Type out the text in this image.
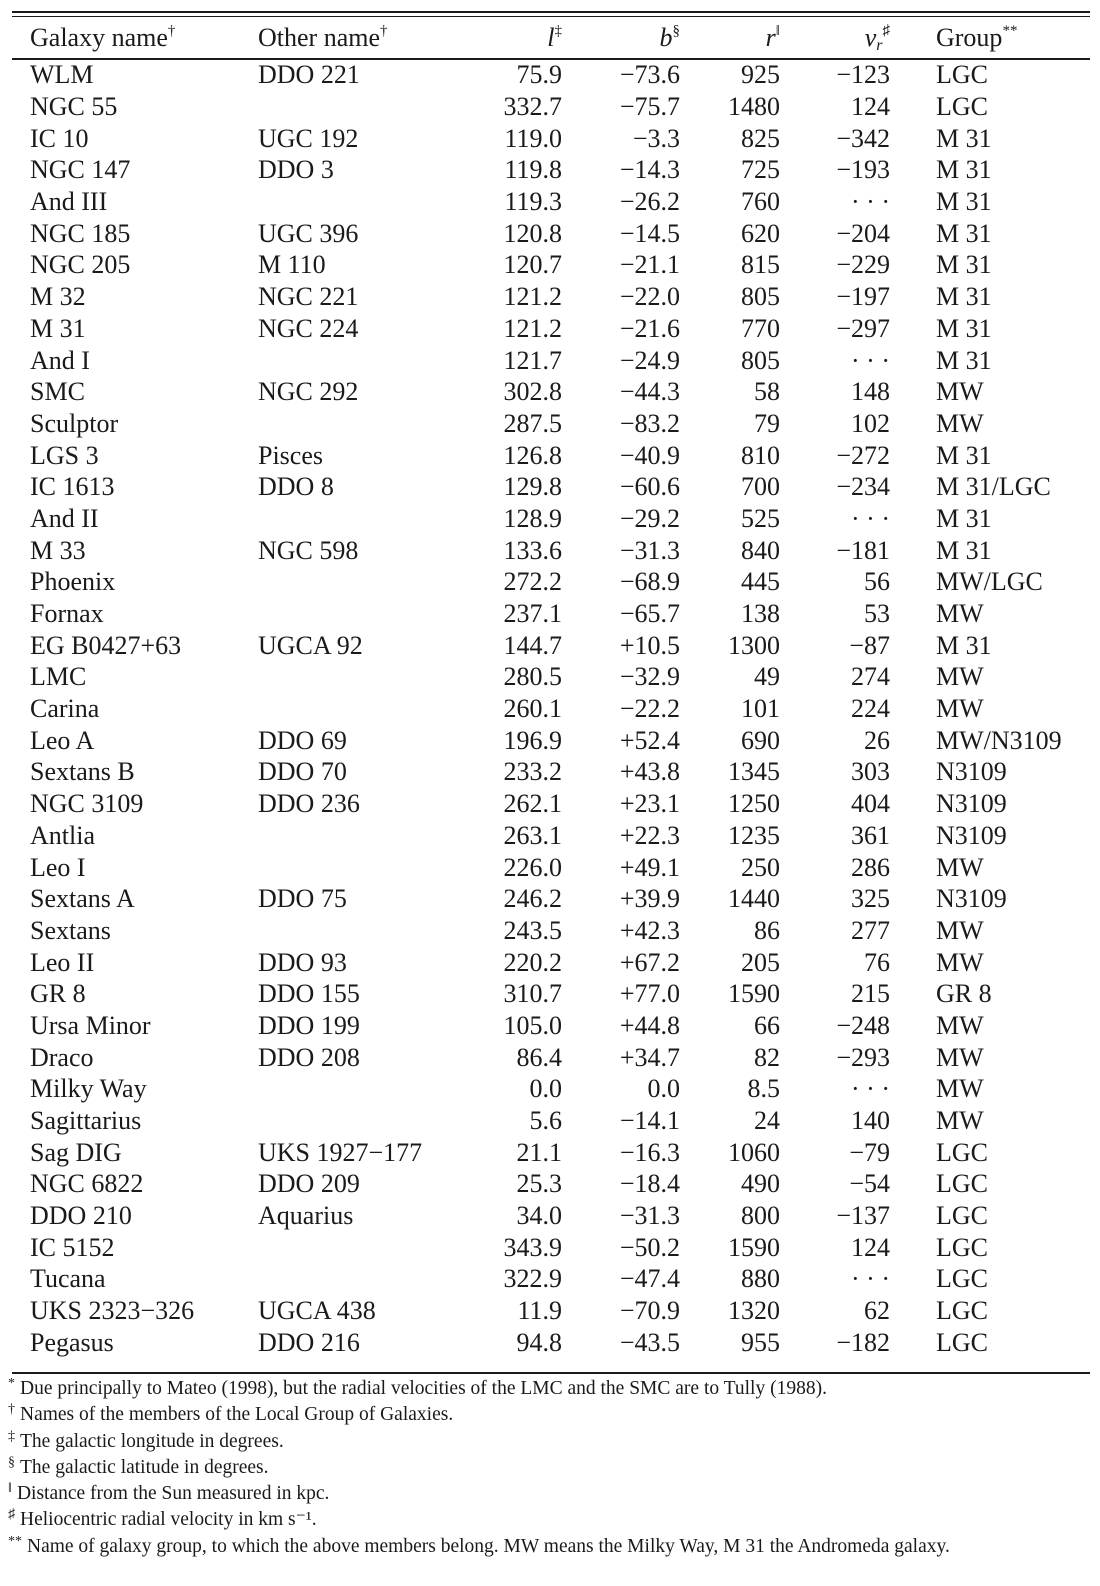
Galaxy name†	Other name†	l‡	b§	r‖	$v_r^♯$	Group**
WLM	DDO 221	75.9	−73.6	925	−123	LGC
NGC 55		332.7	−75.7	1480	124	LGC
IC 10	UGC 192	119.0	−3.3	825	−342	M 31
NGC 147	DDO 3	119.8	−14.3	725	−193	M 31
And III		119.3	−26.2	760	· · ·	M 31
NGC 185	UGC 396	120.8	−14.5	620	−204	M 31
NGC 205	M 110	120.7	−21.1	815	−229	M 31
M 32	NGC 221	121.2	−22.0	805	−197	M 31
M 31	NGC 224	121.2	−21.6	770	−297	M 31
And I		121.7	−24.9	805	· · ·	M 31
SMC	NGC 292	302.8	−44.3	58	148	MW
Sculptor		287.5	−83.2	79	102	MW
LGS 3	Pisces	126.8	−40.9	810	−272	M 31
IC 1613	DDO 8	129.8	−60.6	700	−234	M 31/LGC
And II		128.9	−29.2	525	· · ·	M 31
M 33	NGC 598	133.6	−31.3	840	−181	M 31
Phoenix		272.2	−68.9	445	56	MW/LGC
Fornax		237.1	−65.7	138	53	MW
EG B0427+63	UGCA 92	144.7	+10.5	1300	−87	M 31
LMC		280.5	−32.9	49	274	MW
Carina		260.1	−22.2	101	224	MW
Leo A	DDO 69	196.9	+52.4	690	26	MW/N3109
Sextans B	DDO 70	233.2	+43.8	1345	303	N3109
NGC 3109	DDO 236	262.1	+23.1	1250	404	N3109
Antlia		263.1	+22.3	1235	361	N3109
Leo I		226.0	+49.1	250	286	MW
Sextans A	DDO 75	246.2	+39.9	1440	325	N3109
Sextans		243.5	+42.3	86	277	MW
Leo II	DDO 93	220.2	+67.2	205	76	MW
GR 8	DDO 155	310.7	+77.0	1590	215	GR 8
Ursa Minor	DDO 199	105.0	+44.8	66	−248	MW
Draco	DDO 208	86.4	+34.7	82	−293	MW
Milky Way		0.0	0.0	8.5	· · ·	MW
Sagittarius		5.6	−14.1	24	140	MW
Sag DIG	UKS 1927−177	21.1	−16.3	1060	−79	LGC
NGC 6822	DDO 209	25.3	−18.4	490	−54	LGC
DDO 210	Aquarius	34.0	−31.3	800	−137	LGC
IC 5152		343.9	−50.2	1590	124	LGC
Tucana		322.9	−47.4	880	· · ·	LGC
UKS 2323−326	UGCA 438	11.9	−70.9	1320	62	LGC
Pegasus	DDO 216	94.8	−43.5	955	−182	LGC
* Due principally to Mateo (1998), but the radial velocities of the LMC and the SMC are to Tully (1988).
† Names of the members of the Local Group of Galaxies.
‡ The galactic longitude in degrees.
§ The galactic latitude in degrees.
‖ Distance from the Sun measured in kpc.
♯ Heliocentric radial velocity in km s⁻¹.
** Name of galaxy group, to which the above members belong. MW means the Milky Way, M 31 the Andromeda galaxy.
